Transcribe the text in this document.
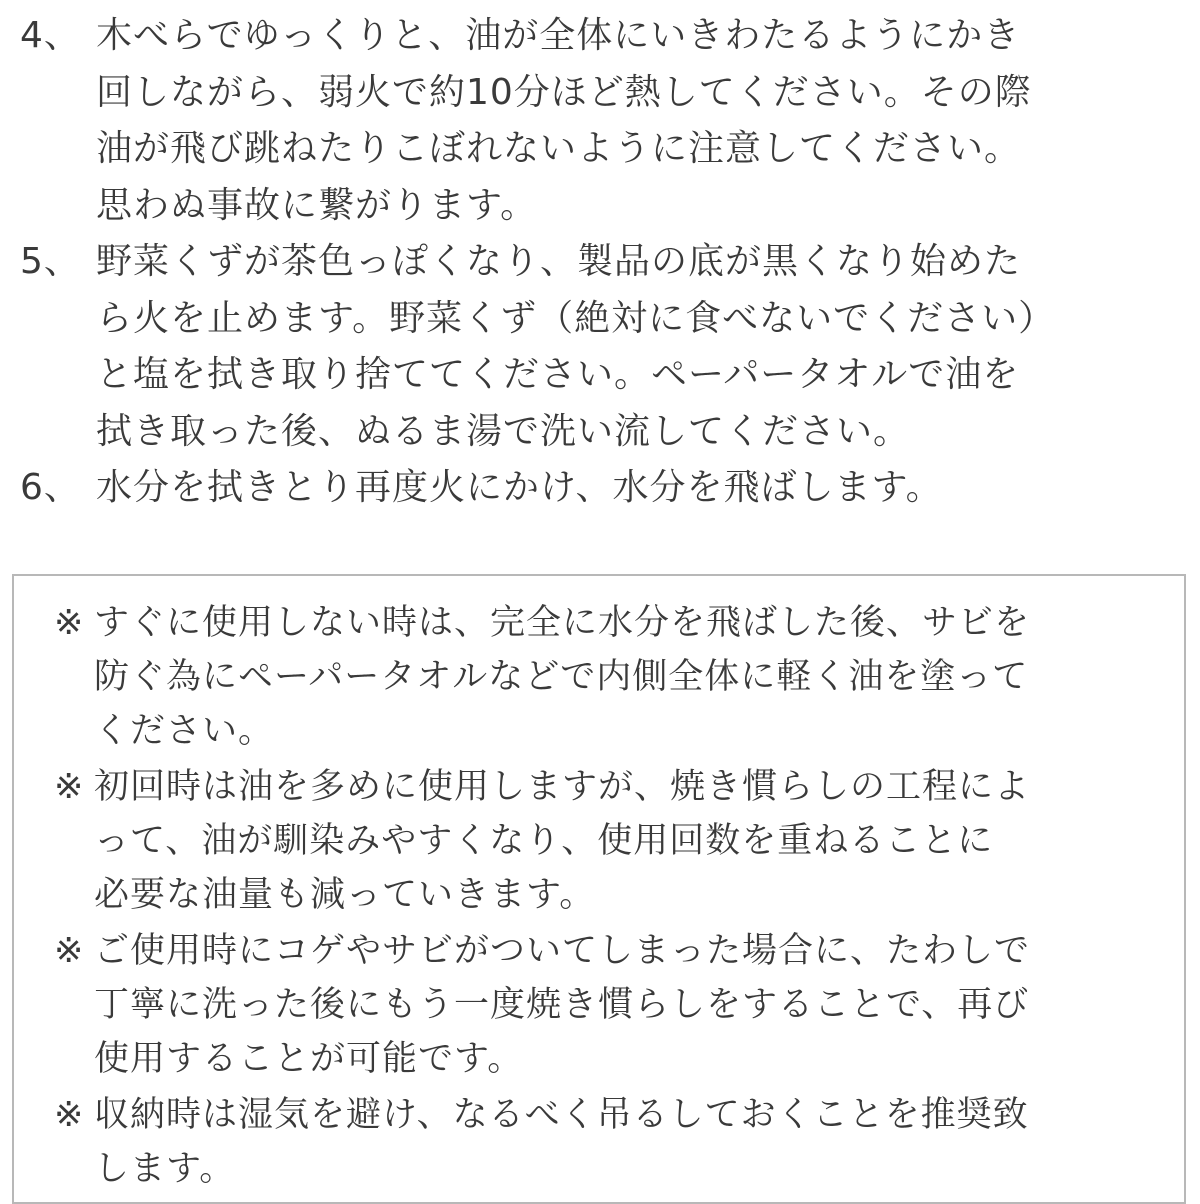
4、 木べらでゆっくりと、油が全体にいきわたるようにかき
回しながら、弱火で約10分ほど熱してください。その際
油が飛び跳ねたりこぼれないように注意してください。
思わぬ事故に繋がります。
5、 野菜くずが茶色っぽくなり、製品の底が黒くなり始めた
ら火を止めます。野菜くず（絶対に食べないでください）
と塩を拭き取り捨ててください。ペーパータオルで油を
拭き取った後、ぬるま湯で洗い流してください。
6、 水分を拭きとり再度火にかけ、水分を飛ばします。
※ すぐに使用しない時は、完全に水分を飛ばした後、サビを
防ぐ為にペーパータオルなどで内側全体に軽く油を塗って
ください。
※ 初回時は油を多めに使用しますが、焼き慣らしの工程によ
って、油が馴染みやすくなり、使用回数を重ねることに
必要な油量も減っていきます。
※ ご使用時にコゲやサビがついてしまった場合に、たわしで
丁寧に洗った後にもう一度焼き慣らしをすることで、再び
使用することが可能です。
※ 収納時は湿気を避け、なるべく吊るしておくことを推奨致
します。
